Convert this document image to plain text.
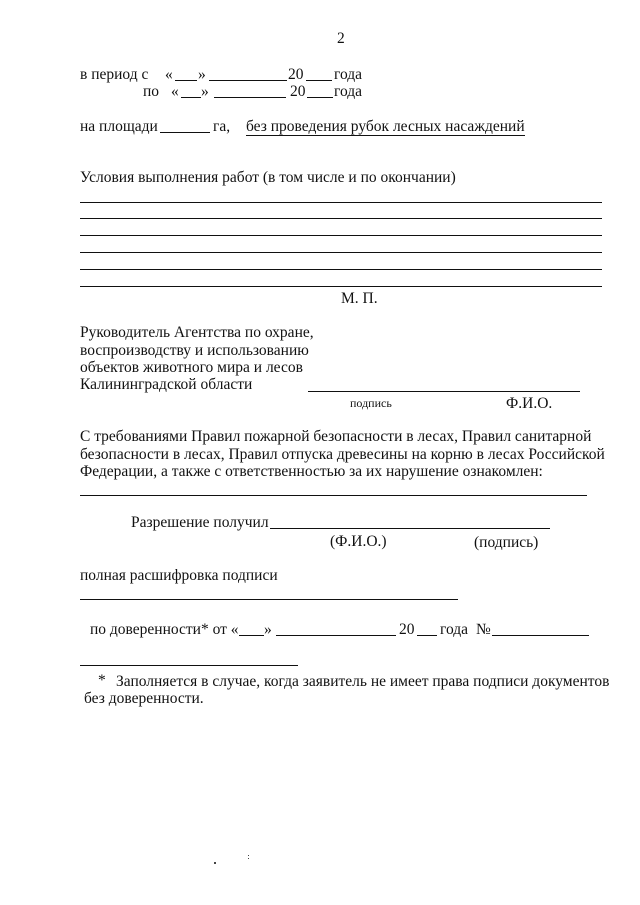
2
в период с « »	20 года
по « »	20 года
на площади	га, без проведения рубок лесных насаждений
Условия выполнения работ (в том числе и по окончании)
М. П.
Руководитель Агентства по охране,
воспроизводству и использованию
объектов животного мира и лесов
Калининградской области
подпись	Ф.И.О.
С требованиями Правил пожарной безопасности в лесах, Правил санитарной
безопасности в лесах, Правил отпуска древесины на корню в лесах Российской
Федерации, а также с ответственностью за их нарушение ознакомлен:
Разрешение получил
(Ф.И.О.)	(подпись)
полная расшифровка подписи
по доверенности* от « »	20 года №
* Заполняется в случае, когда заявитель не имеет права подписи документов
без доверенности.
